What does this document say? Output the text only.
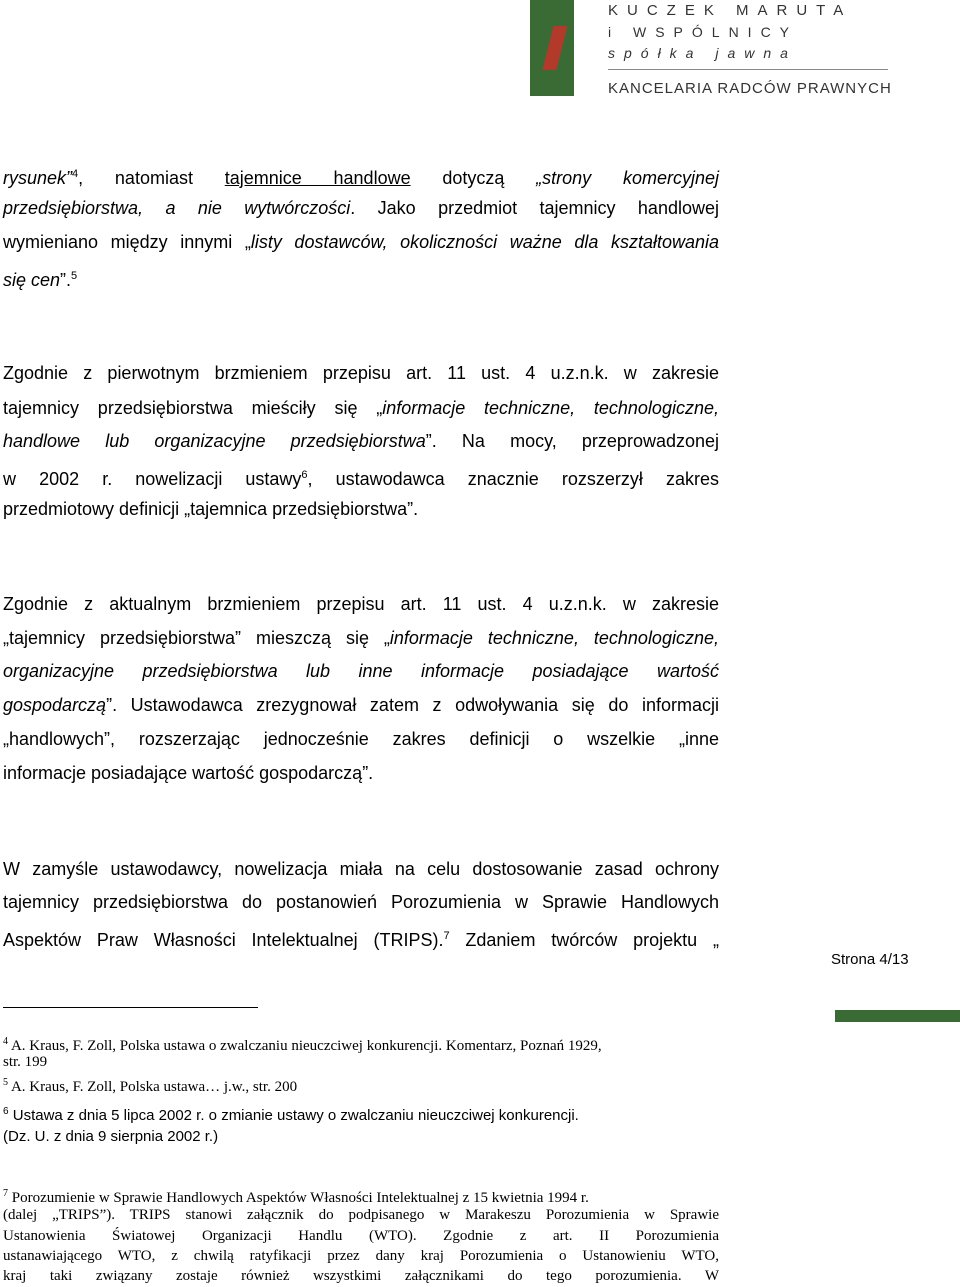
KUCZEK MARUTA
i WSPÓLNICY
spółka jawna
KANCELARIA RADCÓW PRAWNYCH
rysunek”$^4$, natomiast tajemnice handlowe dotyczą „strony komercyjnej
przedsiębiorstwa, a nie wytwórczości. Jako przedmiot tajemnicy handlowej
wymieniano między innymi „listy dostawców, okoliczności ważne dla kształtowania
się cen”.$^5$
Zgodnie z pierwotnym brzmieniem przepisu art. 11 ust. 4 u.z.n.k. w zakresie
tajemnicy przedsiębiorstwa mieściły się „informacje techniczne, technologiczne,
handlowe lub organizacyjne przedsiębiorstwa”. Na mocy, przeprowadzonej
w 2002 r. nowelizacji ustawy$^6$, ustawodawca znacznie rozszerzył zakres
przedmiotowy definicji „tajemnica przedsiębiorstwa”.
Zgodnie z aktualnym brzmieniem przepisu art. 11 ust. 4 u.z.n.k. w zakresie
„tajemnicy przedsiębiorstwa” mieszczą się „informacje techniczne, technologiczne,
organizacyjne przedsiębiorstwa lub inne informacje posiadające wartość
gospodarczą”. Ustawodawca zrezygnował zatem z odwoływania się do informacji
„handlowych”, rozszerzając jednocześnie zakres definicji o wszelkie „inne
informacje posiadające wartość gospodarczą”.
W zamyśle ustawodawcy, nowelizacja miała na celu dostosowanie zasad ochrony
tajemnicy przedsiębiorstwa do postanowień Porozumienia w Sprawie Handlowych
Aspektów Praw Własności Intelektualnej (TRIPS).$^7$ Zdaniem twórców projektu „
Strona 4/13
$^4$ A. Kraus, F. Zoll, Polska ustawa o zwalczaniu nieuczciwej konkurencji. Komentarz, Poznań 1929,
str. 199
$^5$ A. Kraus, F. Zoll, Polska ustawa… j.w., str. 200
$^6$ Ustawa z dnia 5 lipca 2002 r. o zmianie ustawy o zwalczaniu nieuczciwej konkurencji.
(Dz. U. z dnia 9 sierpnia 2002 r.)
$^7$ Porozumienie w Sprawie Handlowych Aspektów Własności Intelektualnej z 15 kwietnia 1994 r.
(dalej „TRIPS”). TRIPS stanowi załącznik do podpisanego w Marakeszu Porozumienia w Sprawie
Ustanowienia Światowej Organizacji Handlu (WTO). Zgodnie z art. II Porozumienia
ustanawiającego WTO, z chwilą ratyfikacji przez dany kraj Porozumienia o Ustanowieniu WTO,
kraj taki związany zostaje również wszystkimi załącznikami do tego porozumienia. W
